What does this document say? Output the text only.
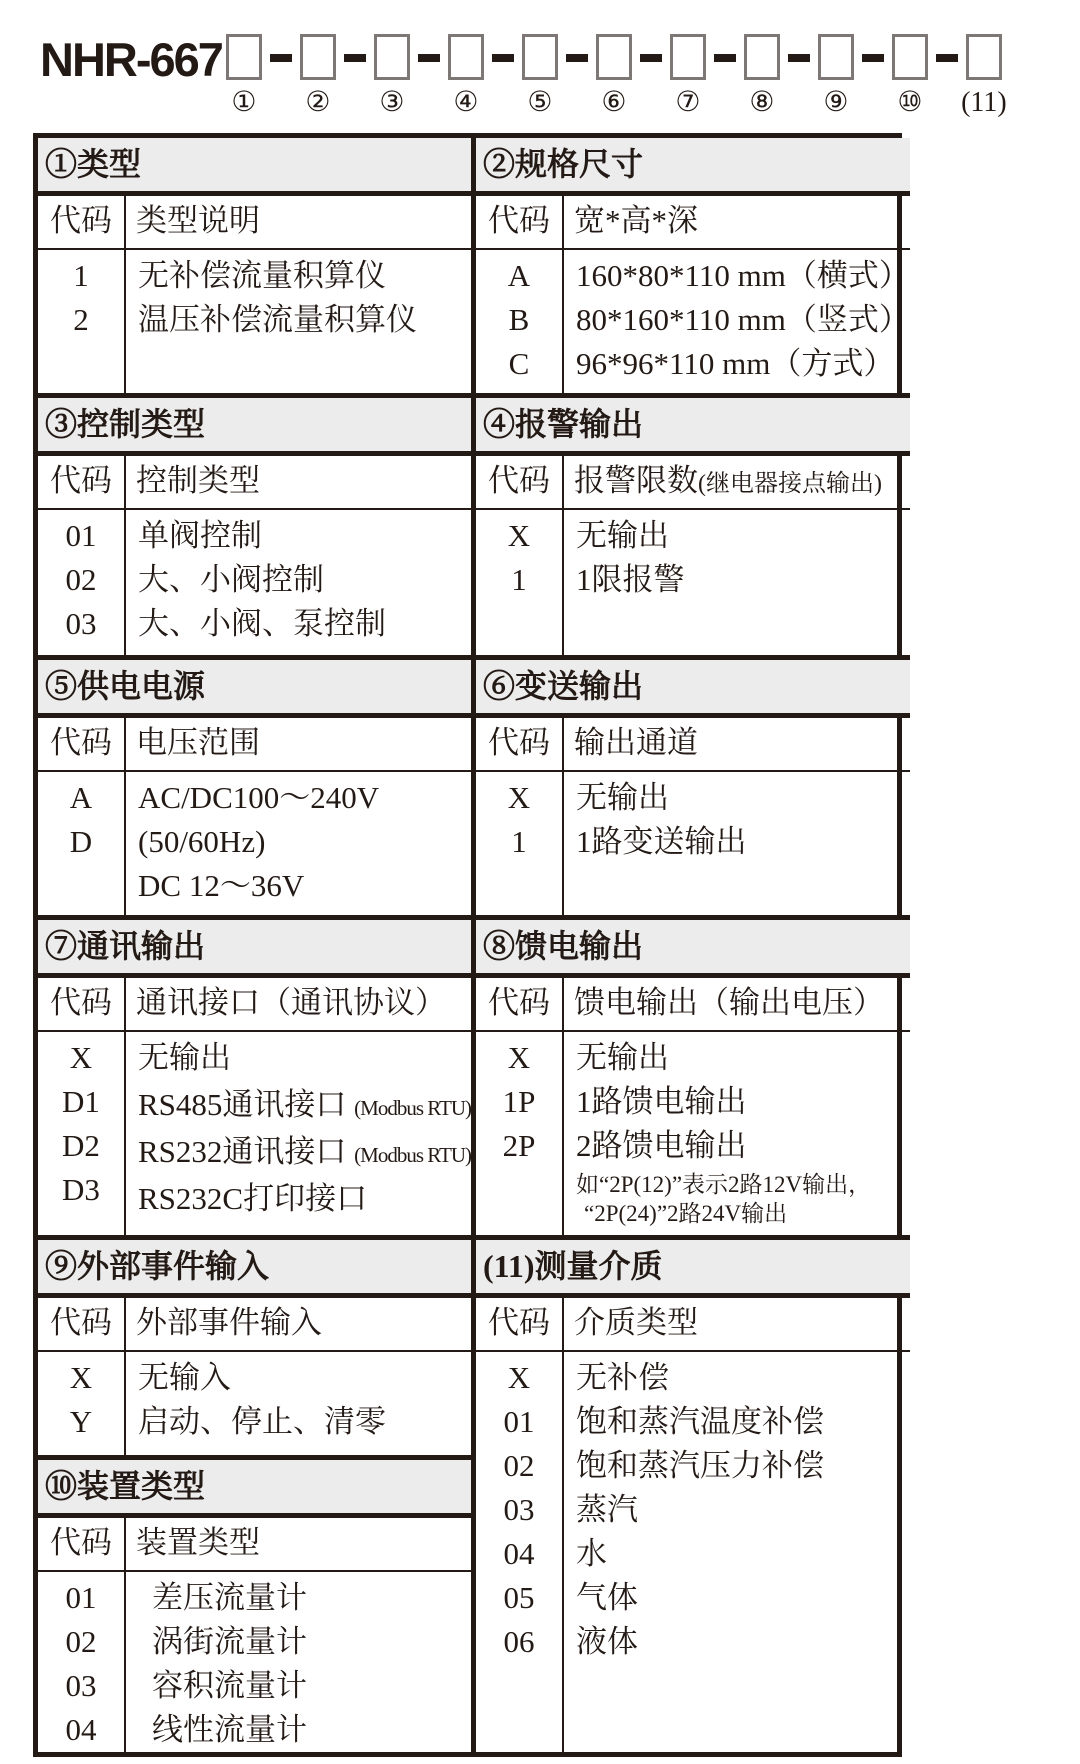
NHR-667
① ② ③ ④ ⑤ ⑥ ⑦ ⑧ ⑨ ⑩ (11)
①类型
代码 类型说明
1
2
无补偿流量积算仪
温压补偿流量积算仪
③控制类型
代码 控制类型
01
02
03
单阀控制
大、小阀控制
大、小阀、泵控制
⑤供电电源
代码 电压范围
A
D
AC/DC100～240V
(50/60Hz)
DC 12～36V
⑦通讯输出
代码 通讯接口（通讯协议）
X
D1
D2
D3
无输出
RS485通讯接口 (Modbus RTU)
RS232通讯接口 (Modbus RTU)
RS232C打印接口
⑨外部事件输入
代码 外部事件输入
X
Y
无输入
启动、停止、清零
⑩装置类型
代码 装置类型
01
02
03
04
差压流量计
涡街流量计
容积流量计
线性流量计
②规格尺寸
代码 宽*高*深
A
B
C
160*80*110 mm（横式）
80*160*110 mm（竖式）
96*96*110 mm（方式）
④报警输出
代码 报警限数(继电器接点输出)
X
1
无输出
1限报警
⑥变送输出
代码 输出通道
X
1
无输出
1路变送输出
⑧馈电输出
代码 馈电输出（输出电压）
X
1P
2P
无输出
1路馈电输出
2路馈电输出
如“2P(12)”表示2路12V输出，
“2P(24)”2路24V输出
(11)测量介质
代码 介质类型
X
01
02
03
04
05
06
无补偿
饱和蒸汽温度补偿
饱和蒸汽压力补偿
蒸汽
水
气体
液体
